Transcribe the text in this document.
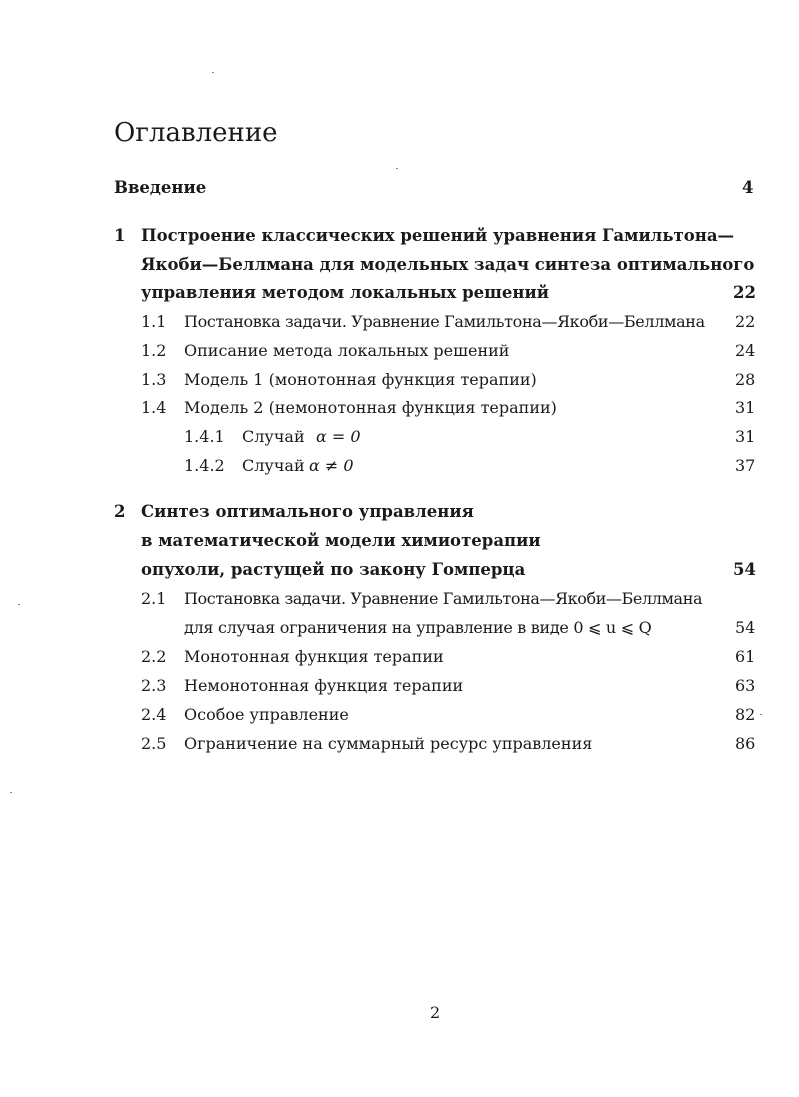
Оглавление
Введение	4
1 Построение классических решений уравнения Гамильтона—
Якоби—Беллмана для модельных задач синтеза оптимального
управления методом локальных решений	22
1.1 Постановка задачи. Уравнение Гамильтона—Якоби—Беллмана 22
1.2 Описание метода локальных решений . . .	24
1.3 Модель 1 (монотонная функция терапии) . . .	28
1.4 Модель 2 (немонотонная функция терапии) . . .	31
1.4.1 Случай α = 0 . . .	31
1.4.2 Случай α ≠ 0 . . .	37
2 Синтез оптимального управления
в математической модели химиотерапии
опухоли, растущей по закону Гомперца	54
2.1 Постановка задачи. Уравнение Гамильтона—Якоби—Беллмана
для случая ограничения на управление в виде 0 ⩽ u ⩽ Q . . .	54
2.2 Монотонная функция терапии . . .	61
2.3 Немонотонная функция терапии . . .	63
2.4 Особое управление . . .	82
2.5 Ограничение на суммарный ресурс управления . . .	86
2
